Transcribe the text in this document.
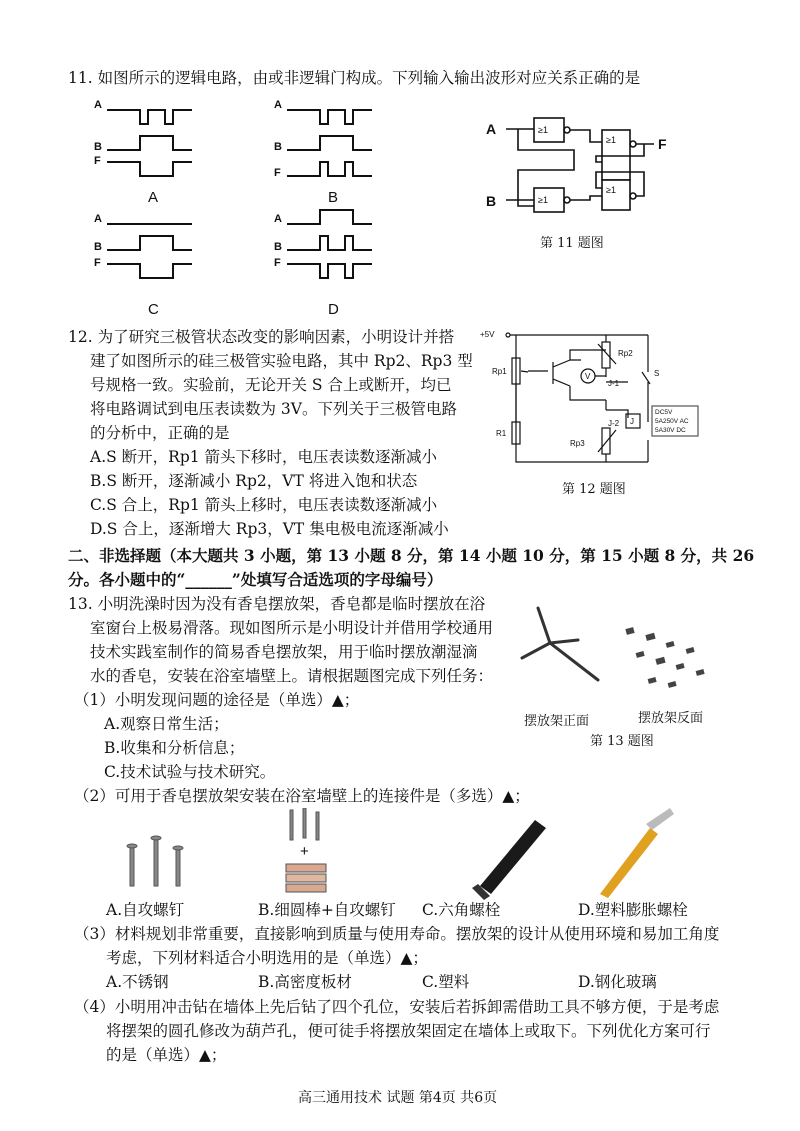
11. 如图所示的逻辑电路，由或非逻辑门构成。下列输入输出波形对应关系正确的是
A
B
F
A
B
F
A
B
F
A
B
F
A	B
C	D
≥1
≥1
≥1
≥1
A
B
F
第 11 题图
12. 为了研究三极管状态改变的影响因素，小明设计并搭
建了如图所示的硅三极管实验电路，其中 Rp2、Rp3 型
号规格一致。实验前，无论开关 S 合上或断开，均已
将电路调试到电压表读数为 3V。下列关于三极管电路
的分析中，正确的是
A.S 断开，Rp1 箭头下移时，电压表读数逐渐减小
B.S 断开，逐渐减小 Rp2，VT 将进入饱和状态
C.S 合上，Rp1 箭头上移时，电压表读数逐渐减小
D.S 合上，逐渐增大 Rp3，VT 集电极电流逐渐减小
+5V
Rp1
Rp2
R1
Rp3
V
J-1
J-2
S
J
DC5V
5A250V AC
5A30V DC
第 12 题图
二、非选择题（本大题共 3 小题，第 13 小题 8 分，第 14 小题 10 分，第 15 小题 8 分，共 26
分。各小题中的“______”处填写合适选项的字母编号）
13. 小明洗澡时因为没有香皂摆放架，香皂都是临时摆放在浴
室窗台上极易滑落。现如图所示是小明设计并借用学校通用
技术实践室制作的简易香皂摆放架，用于临时摆放潮湿滴
水的香皂，安装在浴室墙壁上。请根据题图完成下列任务：
摆放架正面	摆放架反面
第 13 题图
（1）小明发现问题的途径是（单选）▲；
A.观察日常生活；
B.收集和分析信息；
C.技术试验与技术研究。
（2）可用于香皂摆放架安装在浴室墙壁上的连接件是（多选）▲；
+
A.自攻螺钉	B.细圆棒+自攻螺钉 C.六角螺栓	D.塑料膨胀螺栓
（3）材料规划非常重要，直接影响到质量与使用寿命。摆放架的设计从使用环境和易加工角度
考虑，下列材料适合小明选用的是（单选）▲；
A.不锈钢	B.高密度板材	C.塑料	D.钢化玻璃
（4）小明用冲击钻在墙体上先后钻了四个孔位，安装后若拆卸需借助工具不够方便，于是考虑
将摆架的圆孔修改为葫芦孔，便可徒手将摆放架固定在墙体上或取下。下列优化方案可行
的是（单选）▲；
高三通用技术 试题 第4页 共6页
